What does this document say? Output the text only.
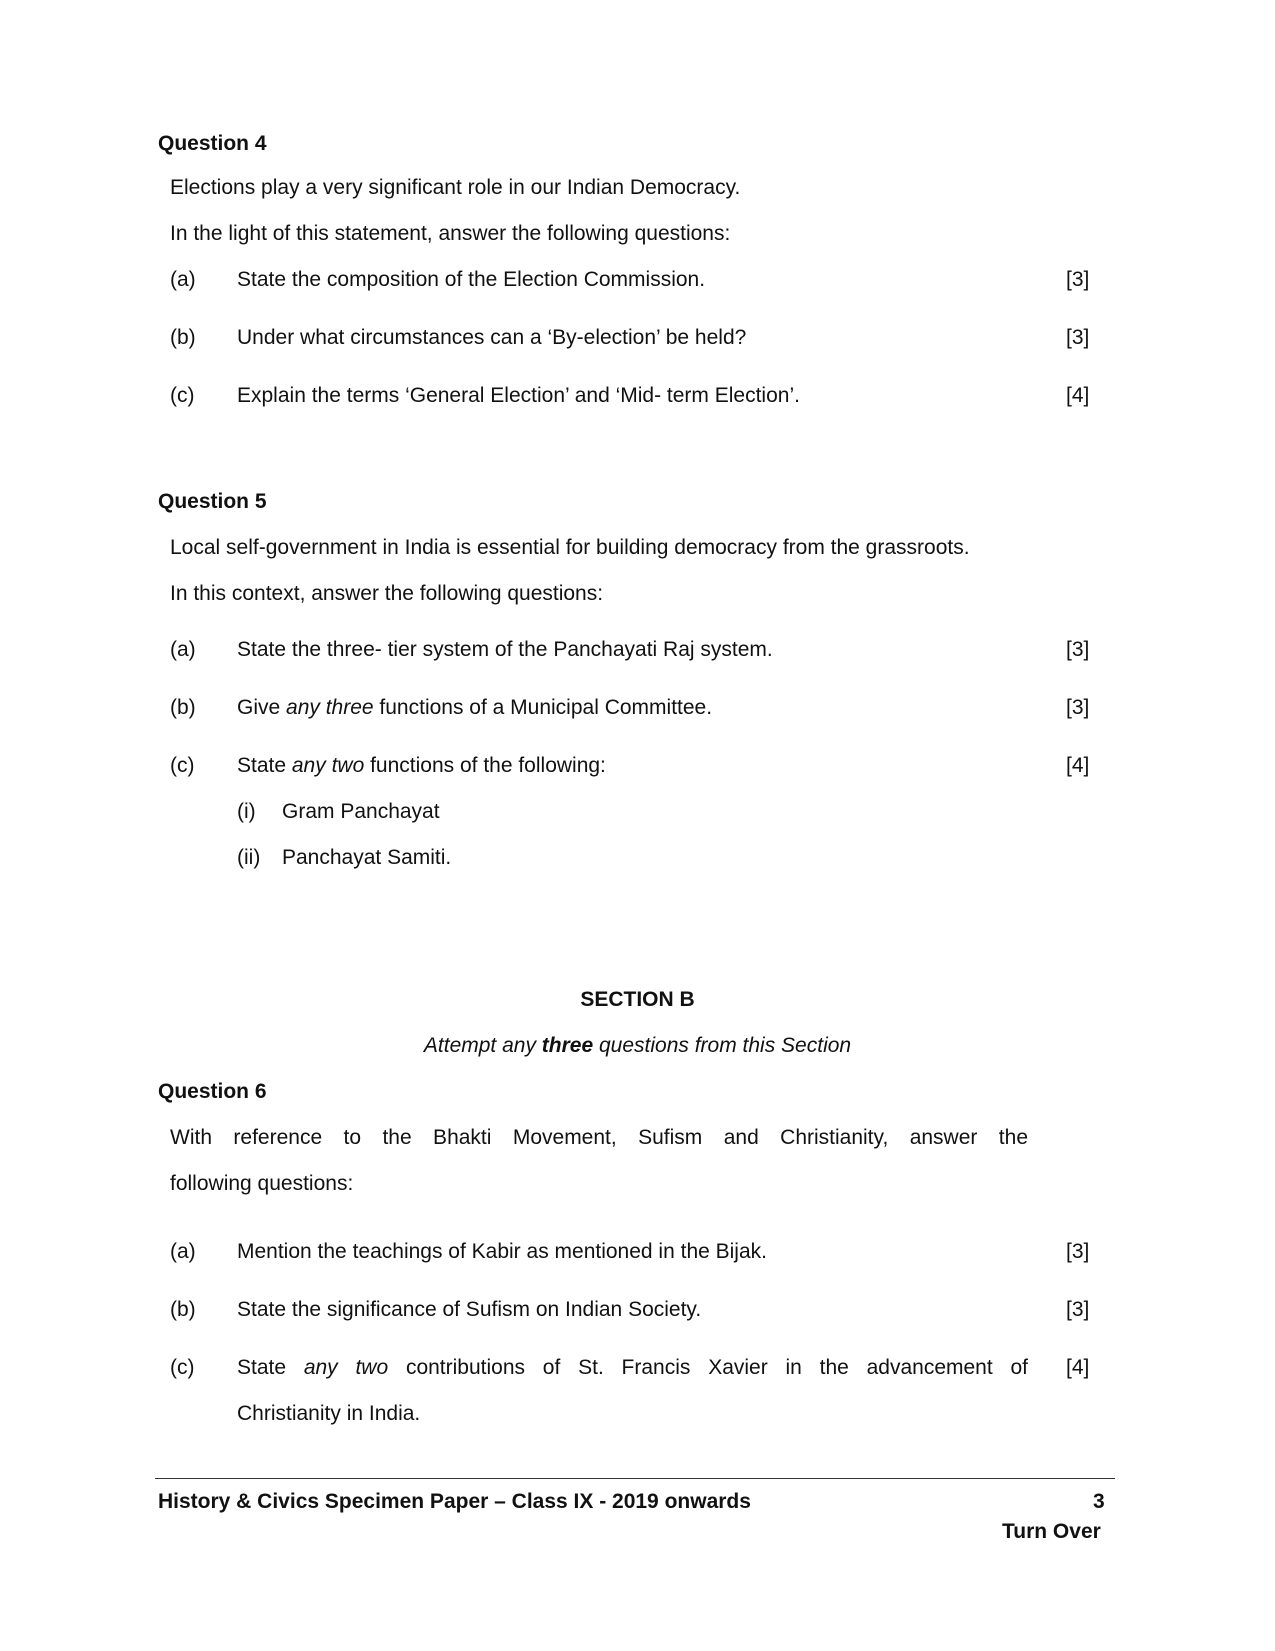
Question 4
Elections play a very significant role in our Indian Democracy.
In the light of this statement, answer the following questions:
(a) State the composition of the Election Commission.	[3]
(b) Under what circumstances can a ‘By-election’ be held?	[3]
(c) Explain the terms ‘General Election’ and ‘Mid- term Election’.	[4]
Question 5
Local self-government in India is essential for building democracy from the grassroots.
In this context, answer the following questions:
(a) State the three- tier system of the Panchayati Raj system.	[3]
(b) Give any three functions of a Municipal Committee.	[3]
(c) State any two functions of the following:	[4]
(i) Gram Panchayat
(ii) Panchayat Samiti.
SECTION B
Attempt any three questions from this Section
Question 6
With reference to the Bhakti Movement, Sufism and Christianity, answer the
following questions:
(a) Mention the teachings of Kabir as mentioned in the Bijak.	[3]
(b) State the significance of Sufism on Indian Society.	[3]
(c) State any two contributions of St. Francis Xavier in the advancement of [4]
Christianity in India.
History & Civics Specimen Paper – Class IX - 2019 onwards	3
Turn Over
